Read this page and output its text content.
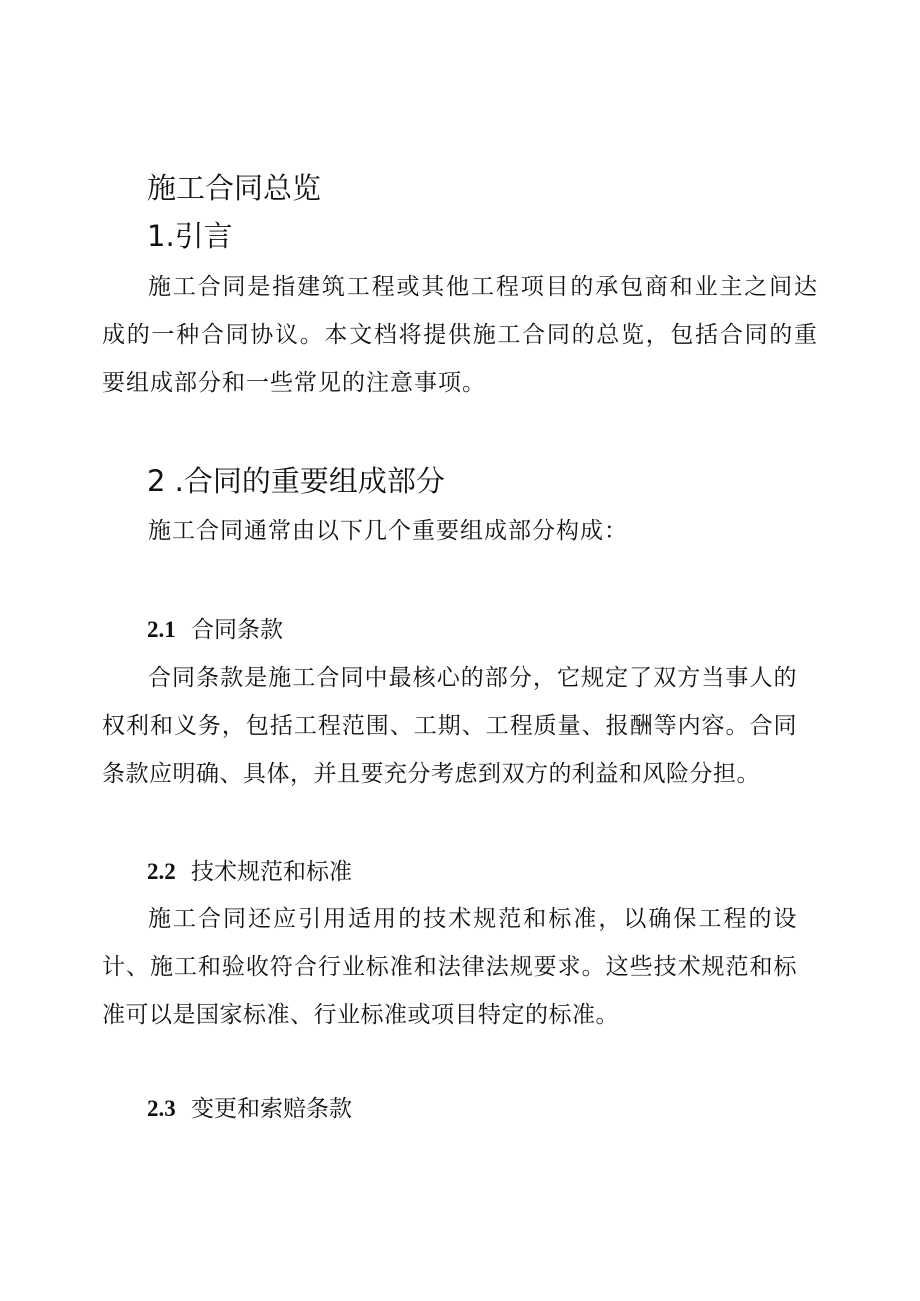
施工合同总览
1.引言

施工合同是指建筑工程或其他工程项目的承包商和业主之间达成的一种合同协议。本文档将提供施工合同的总览，包括合同的重要组成部分和一些常见的注意事项。

2 .合同的重要组成部分

施工合同通常由以下几个重要组成部分构成：

2.1 合同条款

合同条款是施工合同中最核心的部分，它规定了双方当事人的权利和义务，包括工程范围、工期、工程质量、报酬等内容。合同条款应明确、具体，并且要充分考虑到双方的利益和风险分担。

2.2 技术规范和标准

施工合同还应引用适用的技术规范和标准，以确保工程的设计、施工和验收符合行业标准和法律法规要求。这些技术规范和标准可以是国家标准、行业标准或项目特定的标准。

2.3 变更和索赔条款
